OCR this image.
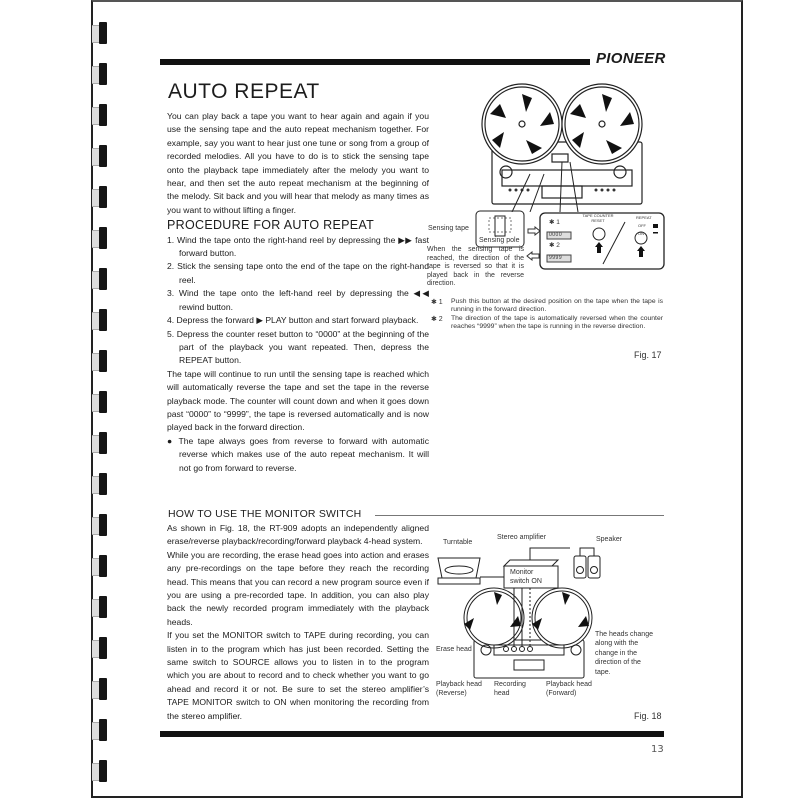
PIONEER
AUTO REPEAT

You can play back a tape you want to hear again and again if you use the sensing tape and the auto repeat mechanism together. For example, say you want to hear just one tune or song from a group of recorded melodies. All you have to do is to stick the sensing tape onto the playback tape immediately after the melody you want to hear, and then set the auto repeat mechanism at the beginning of the melody. Sit back and you will hear that melody as many times as you want to without lifting a finger.

PROCEDURE FOR AUTO REPEAT
1. Wind the tape onto the right-hand reel by depressing the ▶▶ fast forward button.
2. Stick the sensing tape onto the end of the tape on the right-hand reel.
3. Wind the tape onto the left-hand reel by depressing the ◀◀ rewind button.
4. Depress the forward ▶ PLAY button and start forward playback.
5. Depress the counter reset button to “0000” at the beginning of the part of the playback you want repeated. Then, depress the REPEAT button.

The tape will continue to run until the sensing tape is reached which will automatically reverse the tape and set the tape in the reverse playback mode. The counter will count down and when it goes down past “0000” to “9999”, the tape is reversed automatically and is now played back in the forward direction.

● The tape always goes from reverse to forward with automatic reverse which makes use of the auto repeat mechanism. It will not go from forward to reverse.

Sensing tape
Sensing pole
✱ 1
✱ 2
0000
9999
TAPE COUNTER RESET
REPEAT
OFF
ON
When the sensing tape is reached, the direction of the tape is reversed so that it is played back in the reverse direction.
✱ 1 Push this button at the desired position on the tape when the tape is running in the forward direction.
✱ 2 The direction of the tape is automatically reversed when the counter reaches “9999” when the tape is running in the reverse direction.
Fig. 17
HOW TO USE THE MONITOR SWITCH

As shown in Fig. 18, the RT-909 adopts an independently aligned erase/reverse playback/recording/forward playback 4-head system.

While you are recording, the erase head goes into action and erases any pre-recordings on the tape before they reach the recording head. This means that you can record a new program source even if you are using a pre-recorded tape. In addition, you can also play back the newly recorded program immediately with the playback heads.

If you set the MONITOR switch to TAPE during recording, you can listen in to the program which has just been recorded. Setting the same switch to SOURCE allows you to listen in to the program which you are about to record and to check whether you want to go ahead and record it or not. Be sure to set the stereo amplifier’s TAPE MONITOR switch to ON when monitoring the recording from the stereo amplifier.

Turntable
Stereo amplifier	Speaker
Monitor
switch ON
Erase head
Playback head
(Reverse)
Recording
head
Playback head
(Forward)
The heads change along with the change in the direction of the tape.
Fig. 18
13
